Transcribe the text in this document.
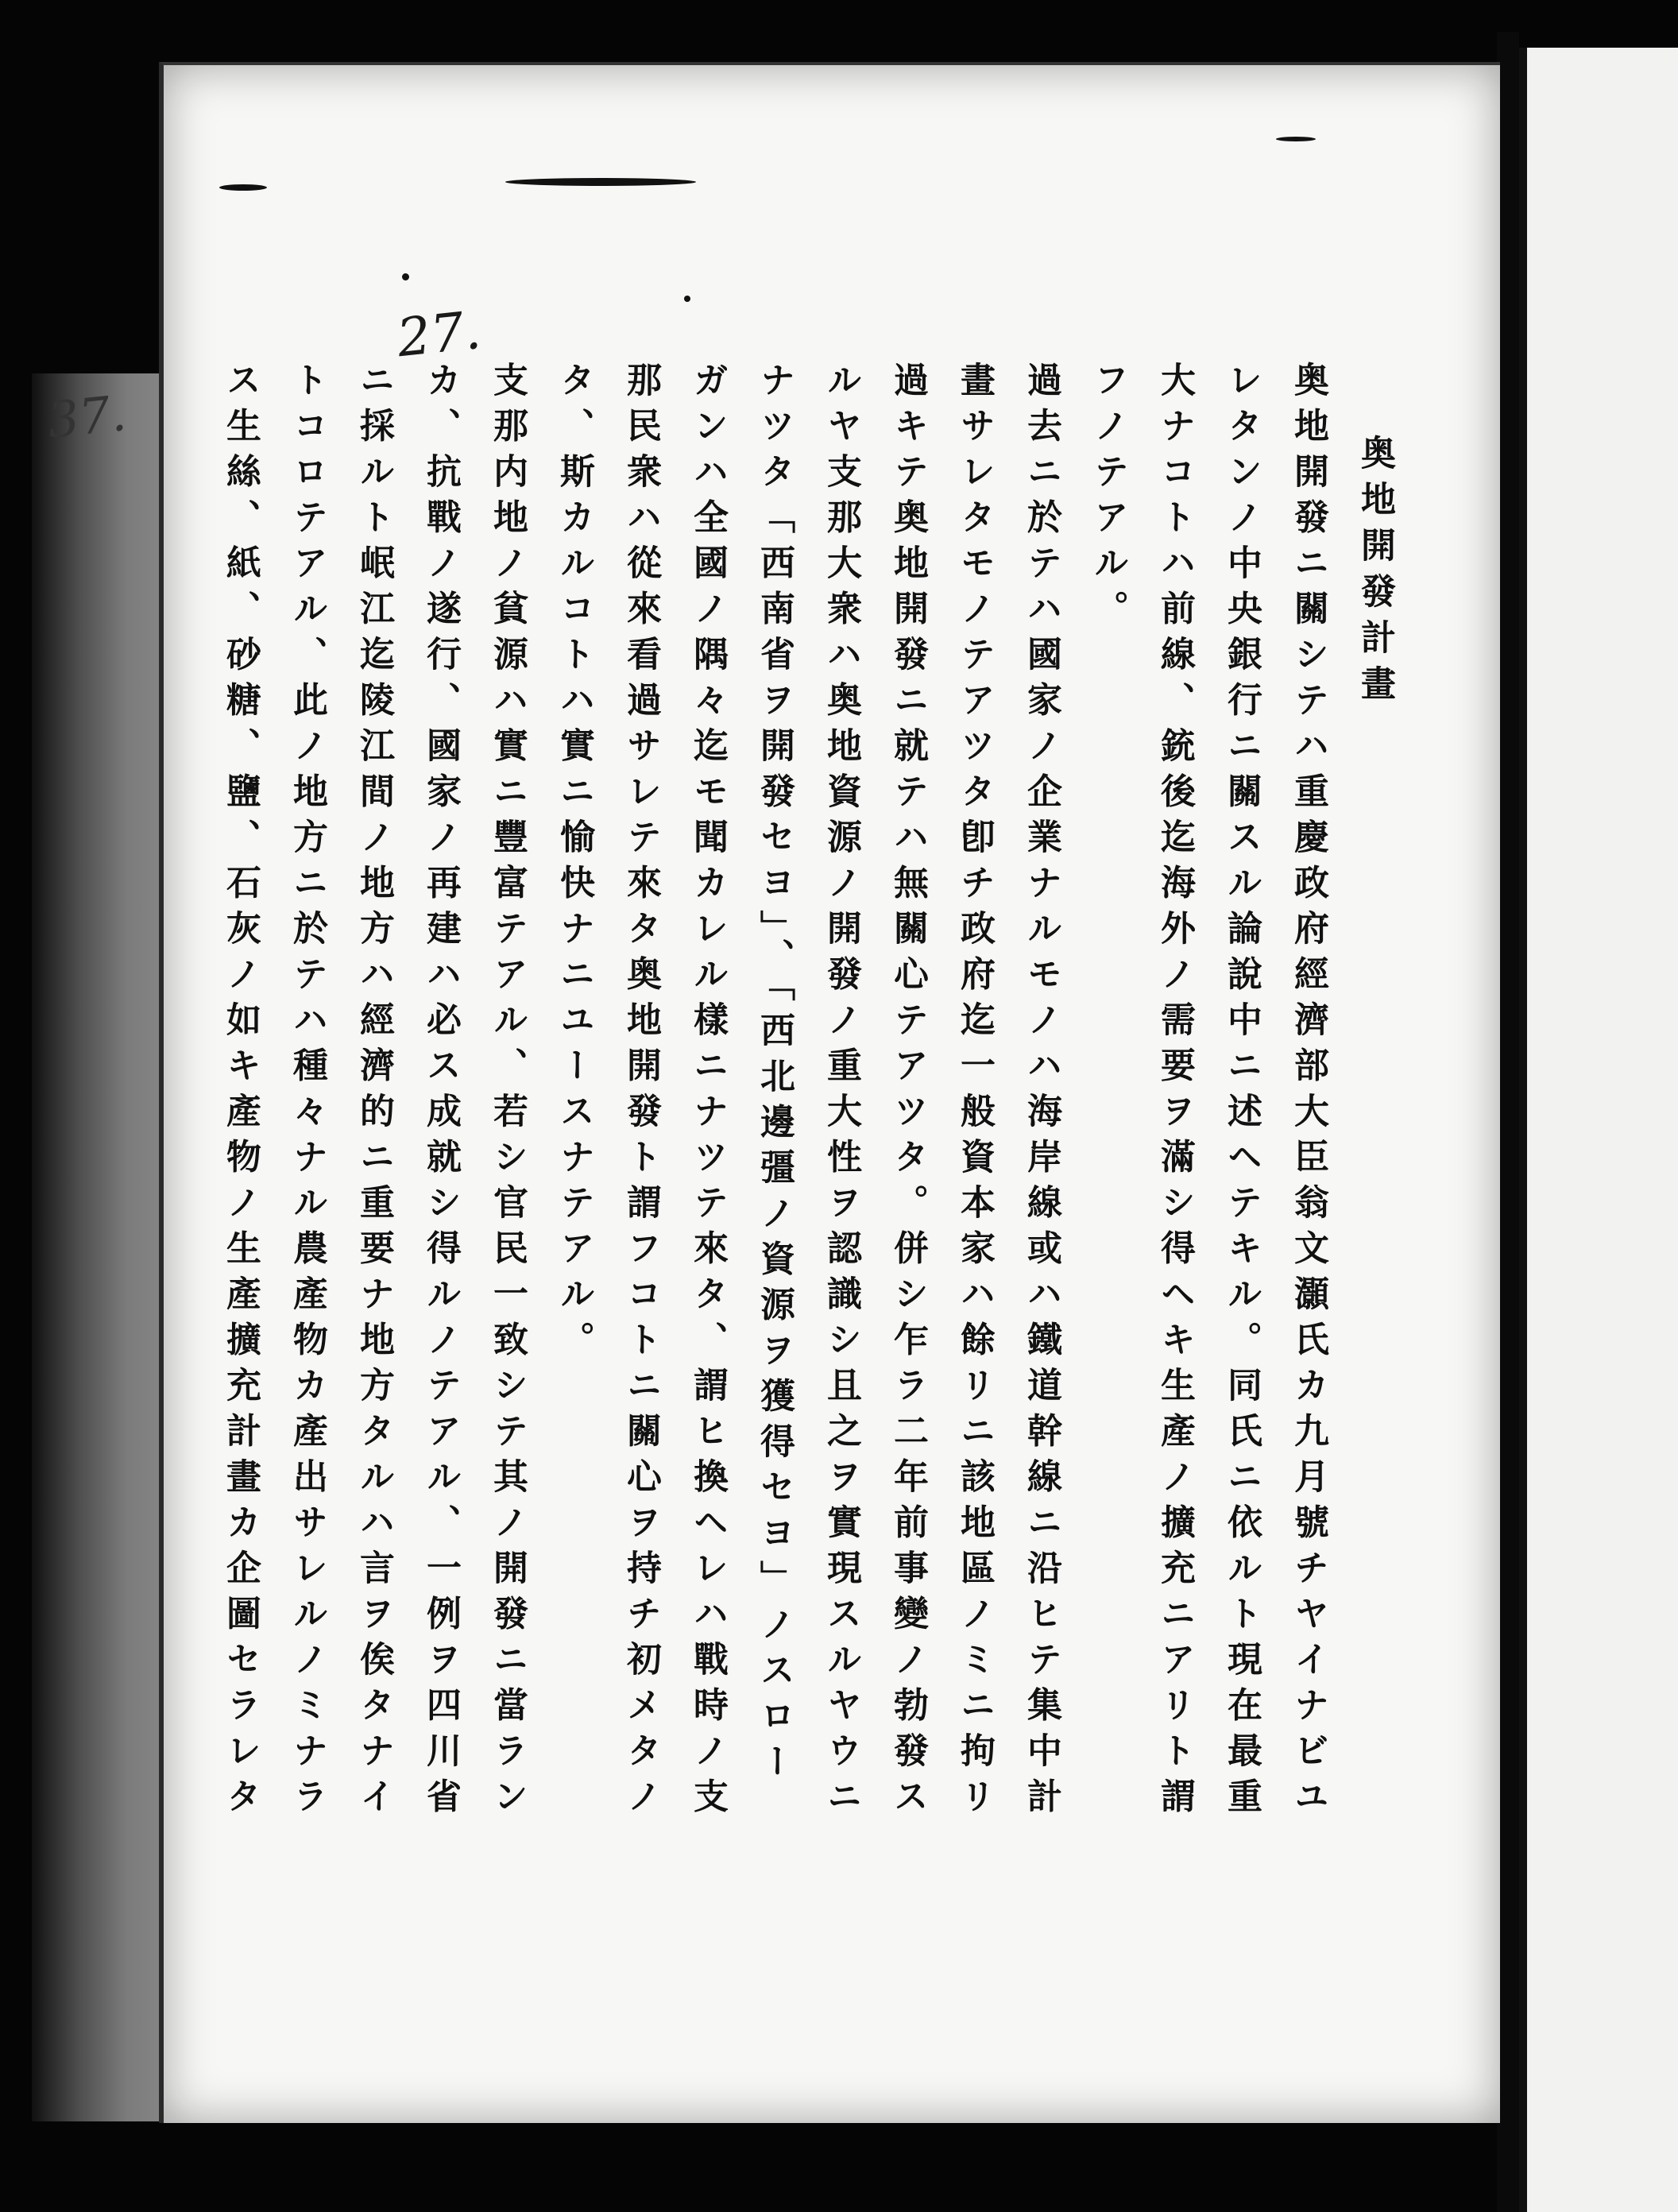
27.
37.
奥地開發計畫
奥地開發ニ關シテハ重慶政府經濟部大臣翁文灝氏カ九月號チヤイナビユ
レタンノ中央銀行ニ關スル論說中ニ述ヘテキル。同氏ニ依ルト現在最重
大ナコトハ前線、銃後迄海外ノ需要ヲ滿シ得ヘキ生產ノ擴充ニアリト謂
フノテアル。
過去ニ於テハ國家ノ企業ナルモノハ海岸線或ハ鐵道幹線ニ沿ヒテ集中計
畫サレタモノテアツタ卽チ政府迄一般資本家ハ餘リニ該地區ノミニ拘リ
過キテ奥地開發ニ就テハ無關心テアツタ。併シ乍ラ二年前事變ノ勃發ス
ルヤ支那大衆ハ奥地資源ノ開發ノ重大性ヲ認識シ且之ヲ實現スルヤウニ
ナツタ「西南省ヲ開發セヨ」、「西北邊彊ノ資源ヲ獲得セヨ」ノスロー
ガンハ全國ノ隅々迄モ聞カレル樣ニナツテ來タ、謂ヒ換ヘレハ戰時ノ支
那民衆ハ從來看過サレテ來タ奥地開發ト謂フコトニ關心ヲ持チ初メタノ
タ、斯カルコトハ實ニ愉快ナニユースナテアル。
支那内地ノ貧源ハ實ニ豐富テアル、若シ官民一致シテ其ノ開發ニ當ラン
カ、抗戰ノ遂行、國家ノ再建ハ必ス成就シ得ルノテアル、一例ヲ四川省
ニ採ルト岷江迄陵江間ノ地方ハ經濟的ニ重要ナ地方タルハ言ヲ俟タナイ
トコロテアル、此ノ地方ニ於テハ種々ナル農產物カ產出サレルノミナラ
ス生絲、紙、砂糖、鹽、石灰ノ如キ產物ノ生產擴充計畫カ企圖セラレタ
